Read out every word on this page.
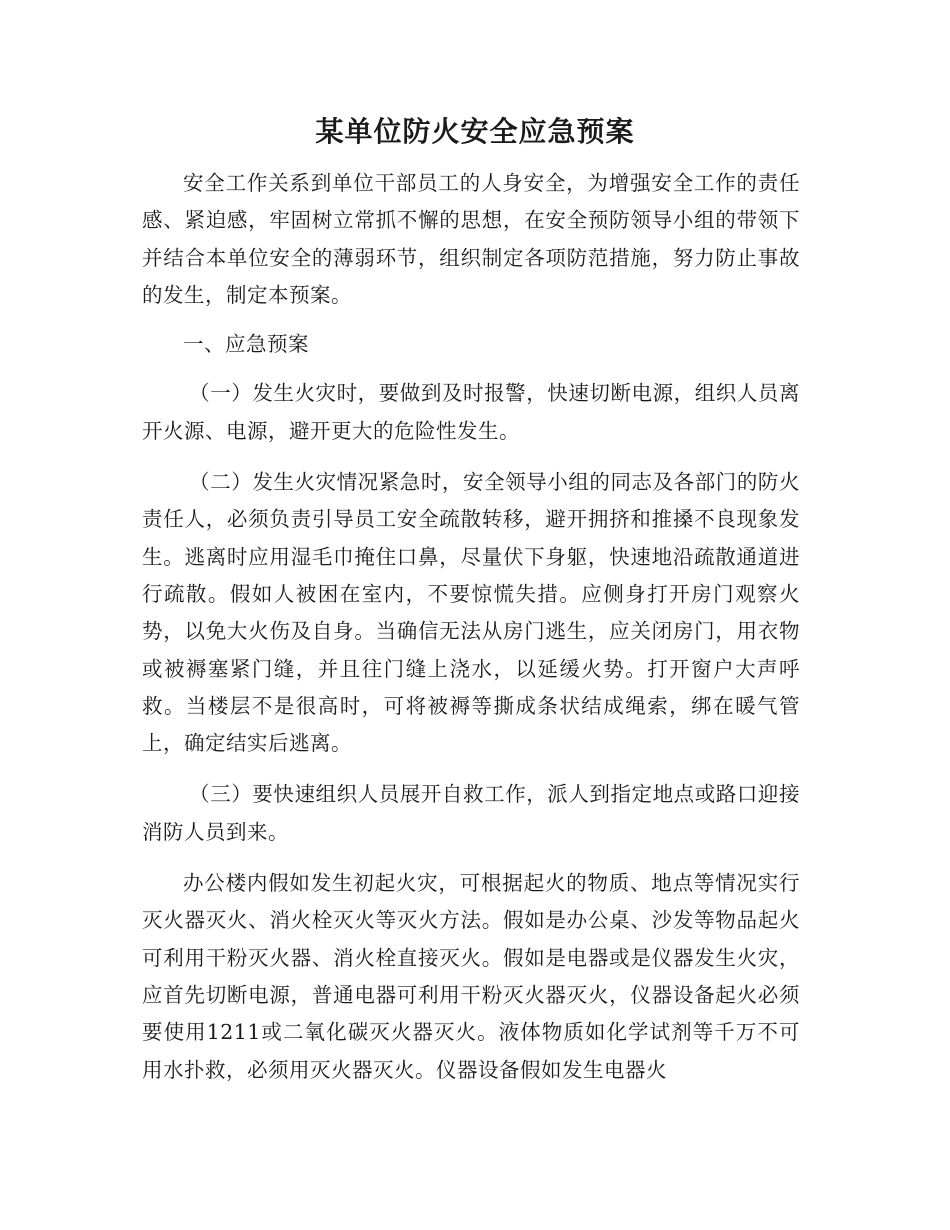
某单位防火安全应急预案

安全工作关系到单位干部员工的人身安全，为增强安全工作的责任感、紧迫感，牢固树立常抓不懈的思想，在安全预防领导小组的带领下并结合本单位安全的薄弱环节，组织制定各项防范措施，努力防止事故的发生，制定本预案。

一、应急预案

（一）发生火灾时，要做到及时报警，快速切断电源，组织人员离开火源、电源，避开更大的危险性发生。

（二）发生火灾情况紧急时，安全领导小组的同志及各部门的防火责任人，必须负责引导员工安全疏散转移，避开拥挤和推搡不良现象发生。逃离时应用湿毛巾掩住口鼻，尽量伏下身躯，快速地沿疏散通道进行疏散。假如人被困在室内，不要惊慌失措。应侧身打开房门观察火势，以免大火伤及自身。当确信无法从房门逃生，应关闭房门，用衣物或被褥塞紧门缝，并且往门缝上浇水，以延缓火势。打开窗户大声呼救。当楼层不是很高时，可将被褥等撕成条状结成绳索，绑在暖气管上，确定结实后逃离。

（三）要快速组织人员展开自救工作，派人到指定地点或路口迎接消防人员到来。

办公楼内假如发生初起火灾，可根据起火的物质、地点等情况实行灭火器灭火、消火栓灭火等灭火方法。假如是办公桌、沙发等物品起火可利用干粉灭火器、消火栓直接灭火。假如是电器或是仪器发生火灾，应首先切断电源，普通电器可利用干粉灭火器灭火，仪器设备起火必须要使用1211或二氧化碳灭火器灭火。液体物质如化学试剂等千万不可用水扑救，必须用灭火器灭火。仪器设备假如发生电器火
